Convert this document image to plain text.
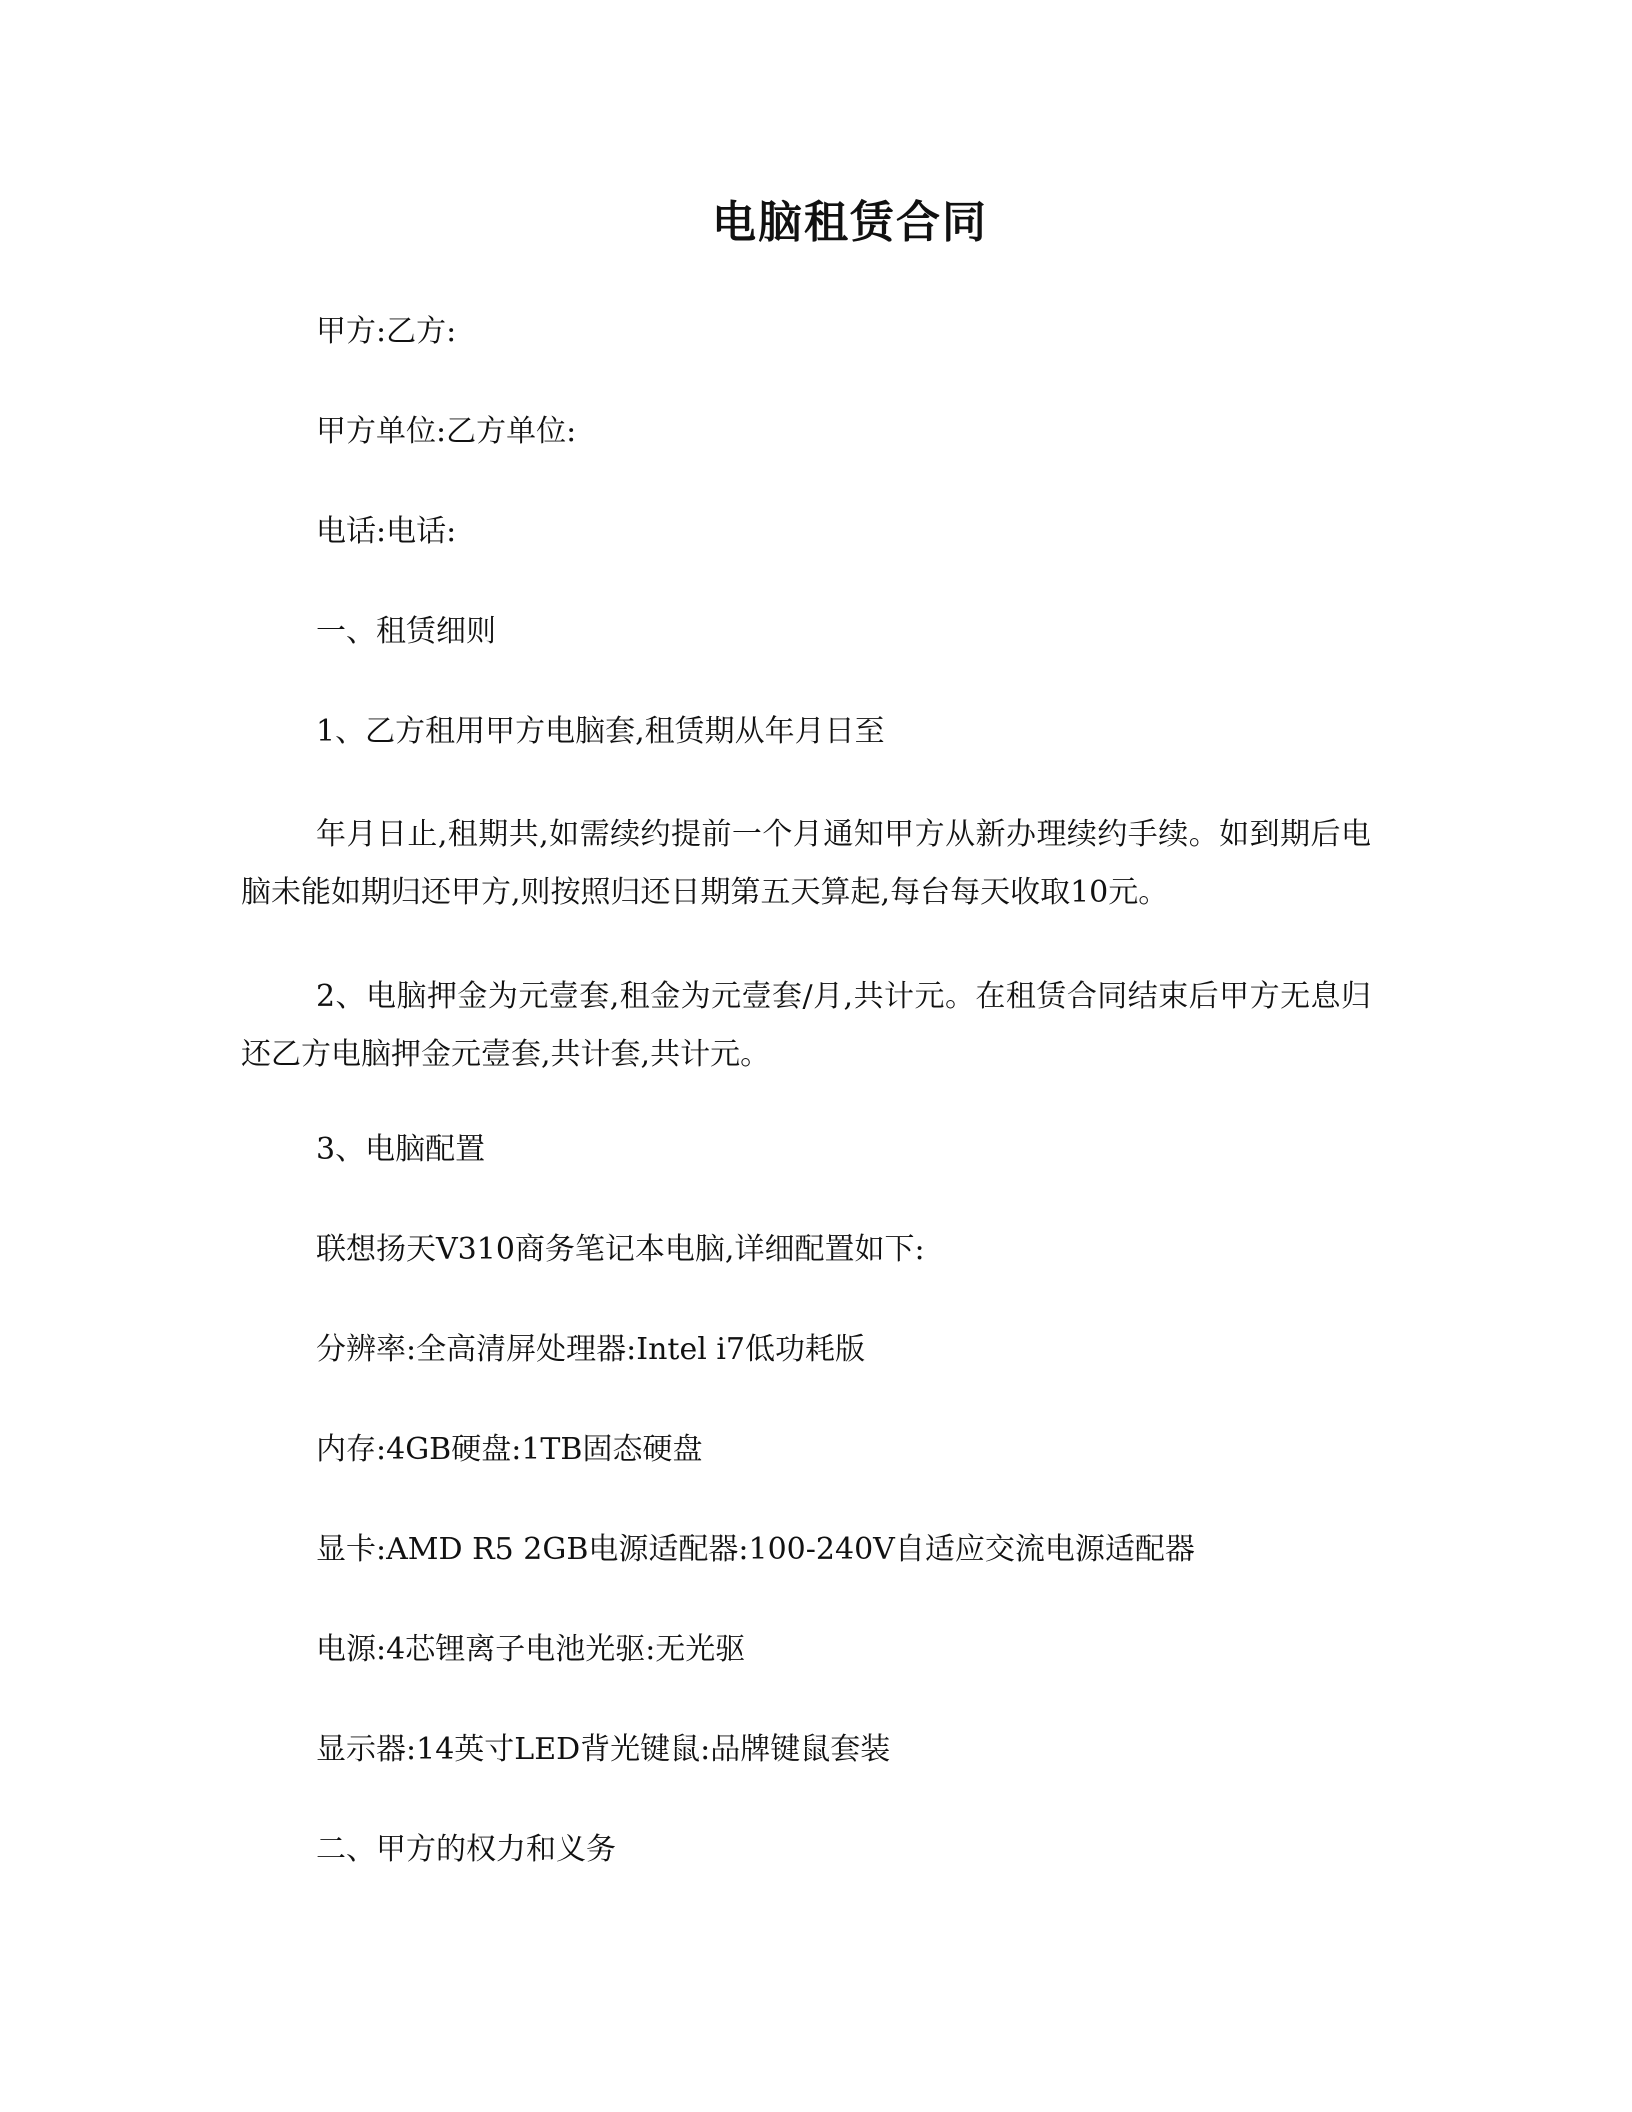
电脑租赁合同
甲方:乙方:
甲方单位:乙方单位:
电话:电话:
一、租赁细则
1、乙方租用甲方电脑套,租赁期从年月日至
年月日止,租期共,如需续约提前一个月通知甲方从新办理续约手续。如到期后电脑未能如期归还甲方,则按照归还日期第五天算起,每台每天收取10元。
2、电脑押金为元壹套,租金为元壹套/月,共计元。在租赁合同结束后甲方无息归还乙方电脑押金元壹套,共计套,共计元。
3、电脑配置
联想扬天V310商务笔记本电脑,详细配置如下:
分辨率:全高清屏处理器:Intel i7低功耗版
内存:4GB硬盘:1TB固态硬盘
显卡:AMD R5 2GB电源适配器:100-240V自适应交流电源适配器
电源:4芯锂离子电池光驱:无光驱
显示器:14英寸LED背光键鼠:品牌键鼠套装
二、甲方的权力和义务
